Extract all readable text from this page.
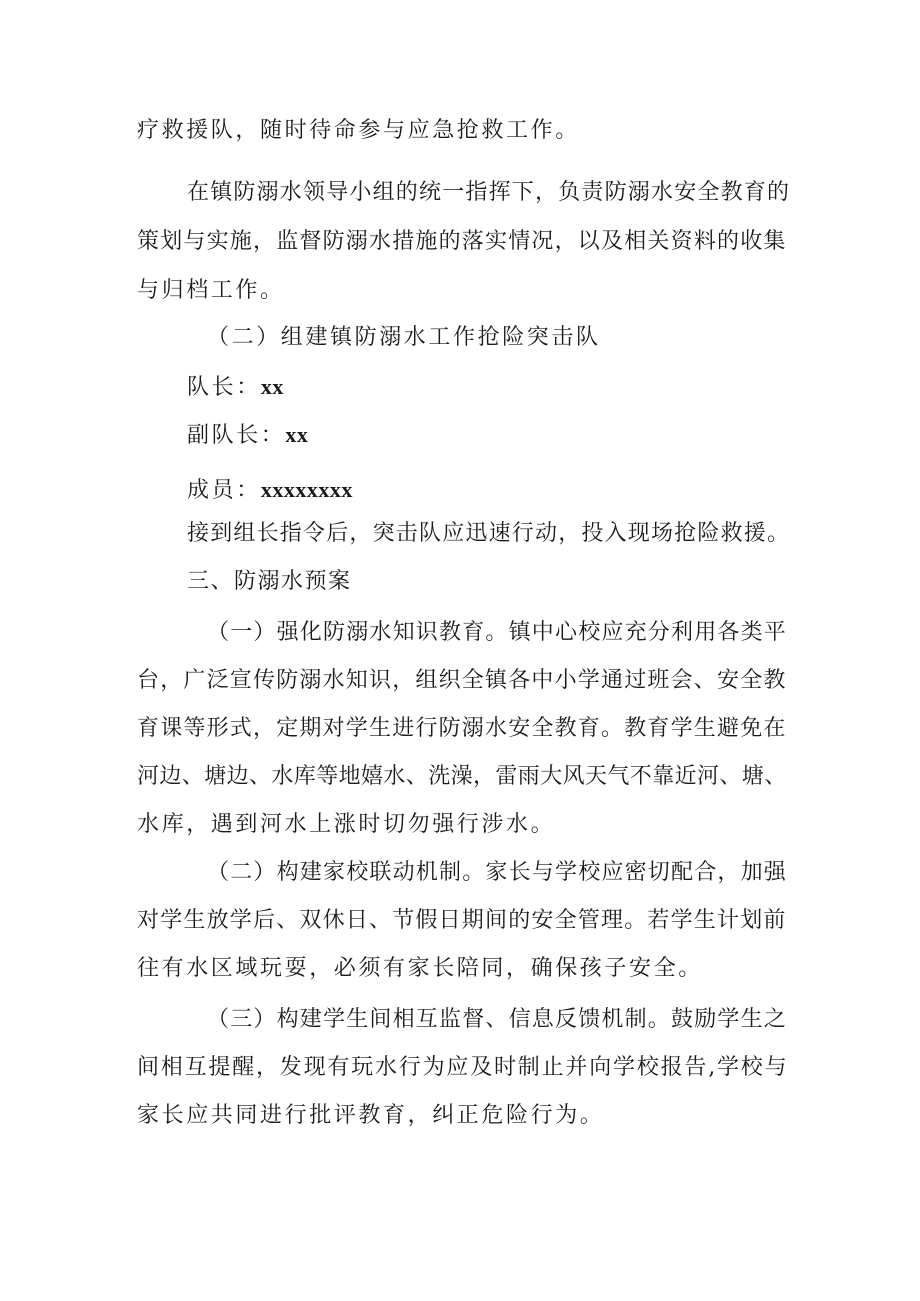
疗救援队，随时待命参与应急抢救工作。
在镇防溺水领导小组的统一指挥下，负责防溺水安全教育的
策划与实施，监督防溺水措施的落实情况，以及相关资料的收集
与归档工作。
（二）组建镇防溺水工作抢险突击队
队长：xx
副队长：xx
成员：xxxxxxxx
接到组长指令后，突击队应迅速行动，投入现场抢险救援。
三、防溺水预案
（一）强化防溺水知识教育。镇中心校应充分利用各类平
台，广泛宣传防溺水知识，组织全镇各中小学通过班会、安全教
育课等形式，定期对学生进行防溺水安全教育。教育学生避免在
河边、塘边、水库等地嬉水、洗澡，雷雨大风天气不靠近河、塘、
水库，遇到河水上涨时切勿强行涉水。
（二）构建家校联动机制。家长与学校应密切配合，加强
对学生放学后、双休日、节假日期间的安全管理。若学生计划前
往有水区域玩耍，必须有家长陪同，确保孩子安全。
（三）构建学生间相互监督、信息反馈机制。鼓励学生之
间相互提醒，发现有玩水行为应及时制止并向学校报告,学校与
家长应共同进行批评教育，纠正危险行为。
